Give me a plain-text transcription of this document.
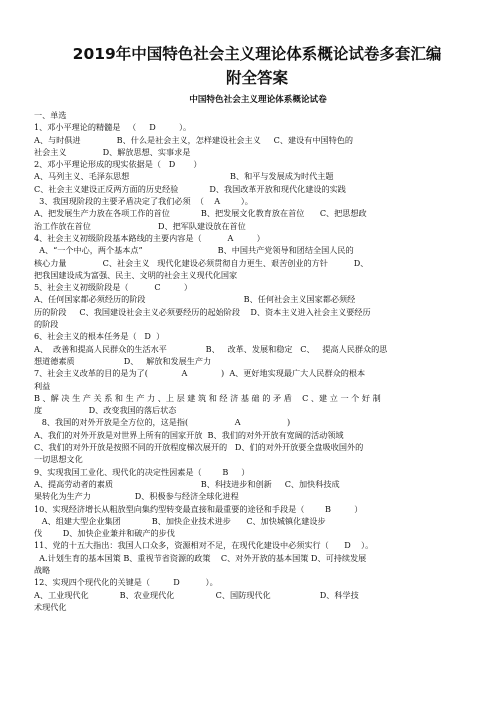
2019年中国特色社会主义理论体系概论试卷多套汇编
附全答案
中国特色社会主义理论体系概论试卷
一、单选
1、邓小平理论的精髓是   （     D         ）。
A、与时俱进              B、什么是社会主义，怎样建设社会主义     C、建设有中国特色的
社会主义              D、解放思想、实事求是
2、邓小平理论形成的现实依据是（   D       ）
A、马列主义、毛泽东思想                                       B、和平与发展成为时代主题
C、社会主义建设正反两方面的历史经验            D、我国改革开放和现代化建设的实践
3、我国现阶段的主要矛盾决定了我们必须  （    A        ）。
A、把发展生产力放在各项工作的首位            B、把发展文化教育放在首位      C、把思想政
治工作放在首位                          D、把军队建设放在首位
4、社会主义初级阶段基本路线的主要内容是（          A         ）
A、“一个中心，两个基本点”                             B、中国共产党领导和团结全国人民的
核心力量              C、社会主义   现代化建设必须贯彻自力更生、艰苦创业的方针          D、
把我国建设成为富强、民主、文明的社会主义现代化国家
5、社会主义初级阶段是（          C         ）
A、任何国家都必须经历的阶段                                      B、任何社会主义国家都必须经
历的阶段     C、我国建设社会主义必须要经历的起始阶段    D、资本主义进入社会主义要经历
的阶段
6、社会主义的根本任务是（   D  ）
A、  改善和提高人民群众的生活水平               B、   改革、发展和稳定   C、   提高人民群众的思
想道德素质                   D、   解放和发展生产力
7、社会主义改革的目的是为了(             A             )  A、更好地实现最广大人民群众的根本
利益
B 、解 决 生 产 关 系 和 生 产 力 、上 层 建 筑 和 经 济 基 础 的 矛 盾    C 、建 立 一 个 好 制
度                  D、改变我国的落后状态
8、我国的对外开放是全方位的，这是指(                  A                  )
A、我们的对外开放是对世界上所有的国家开放  B、我们的对外开放有宽阔的活动领域
C、我们的对外开放是按照不同的开放程度梯次展开的   D、们的对外开放要全盘吸收国外的
一切思想文化
9、实现我国工业化、现代化的决定性因素是（        B     ）
A、提高劳动者的素质                                  B、科技进步和创新     C、加快科技成
果转化为生产力                 D、积极参与经济全球化进程
10、实现经济增长从粗放型向集约型转变最直接和最重要的途径和手段是（        B         ）
A、组建大型企业集团            B、加快企业技术进步      C、加快城镇化建设步
伐        D、加快企业兼并和破产的步伐
11、党的十五大指出：我国人口众多，资源相对不足，在现代化建设中必须实行（      D    ）。
A.计划生育的基本国策 B、重视节省资源的政策    C、对外开放的基本国策 D、可持续发展
战略
12、实现四个现代化的关键是（         D          ）。
A、工业现代化            B、农业现代化                C、国防现代化                   D、科学技
术现代化
